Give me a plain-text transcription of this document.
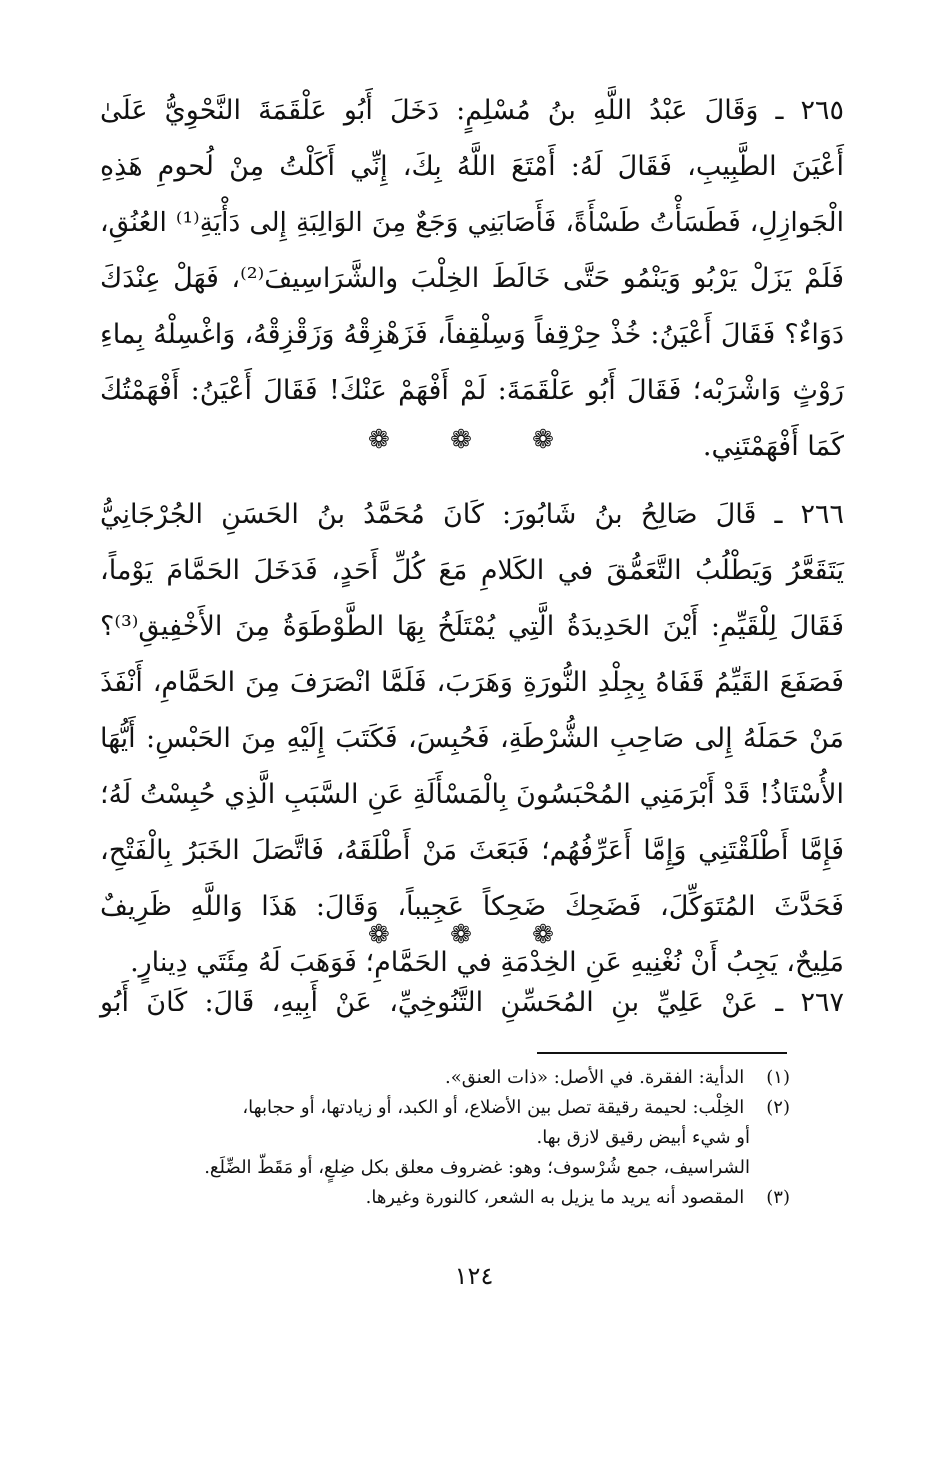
٢٦٥ ـ وَقَالَ عَبْدُ اللَّهِ بنُ مُسْلِمٍ: دَخَلَ أَبُو عَلْقَمَةَ النَّحْوِيُّ عَلَىٰ
أَعْيَنَ الطَّبِيبِ، فَقَالَ لَهُ: أَمْتَعَ اللَّهُ بِكَ، إِنِّي أَكَلْتُ مِنْ لُحومِ هَذِهِ
الْجَوازِلِ، فَطَسَأْتُ طَسْأَةً، فَأَصَابَنِي وَجَعٌ مِنَ الوَالِبَةِ إِلى دَأْيَةِ⁽¹⁾ العُنُقِ،
فَلَمْ يَزَلْ يَرْبُو وَيَنْمُو حَتَّى خَالَطَ الخِلْبَ والشَّرَاسِيفَ⁽²⁾، فَهَلْ عِنْدَكَ
دَوَاءٌ؟ فَقَالَ أَعْيَنُ: خُذْ حِرْقِفاً وَسِلْقِفاً، فَزَهْزِقْهُ وَزَقْزِقْهُ، وَاغْسِلْهُ بِماءِ
رَوْثٍ وَاشْرَبْه؛ فَقَالَ أَبُو عَلْقَمَةَ: لَمْ أَفْهَمْ عَنْكَ! فَقَالَ أَعْيَنُ: أَفْهَمْتُكَ
كَمَا أَفْهَمْتَنِي.
❁ ❁ ❁
٢٦٦ ـ قَالَ صَالِحُ بنُ شَابُورَ: كَانَ مُحَمَّدُ بنُ الحَسَنِ الجُرْجَانِيُّ
يَتَقَعَّرُ وَيَطْلُبُ التَّعَمُّقَ في الكَلامِ مَعَ كُلِّ أَحَدٍ، فَدَخَلَ الحَمَّامَ يَوْماً،
فَقَالَ لِلْقَيِّمِ: أَيْنَ الحَدِيدَةُ الَّتِي يُمْتَلَخُ بِهَا الطَّوْطَوَةُ مِنَ الأَخْفِيقِ⁽³⁾؟
فَصَفَعَ القَيِّمُ قَفَاهُ بِجِلْدِ النُّورَةِ وَهَرَبَ، فَلَمَّا انْصَرَفَ مِنَ الحَمَّامِ، أَنْفَذَ
مَنْ حَمَلَهُ إِلى صَاحِبِ الشُّرْطَةِ، فَحُبِسَ، فَكَتَبَ إِلَيْهِ مِنَ الحَبْسِ: أَيُّهَا
الأُسْتَاذُ! قَدْ أَبْرَمَنِي المُحْبَسُونَ بِالْمَسْأَلَةِ عَنِ السَّبَبِ الَّذِي حُبِسْتُ لَهُ؛
فَإِمَّا أَطْلَقْتَنِي وَإِمَّا أَعَرِّفُهُم؛ فَبَعَثَ مَنْ أَطْلَقَهُ، فَاتَّصَلَ الخَبَرُ بِالْفَتْحِ،
فَحَدَّثَ المُتَوَكِّلَ، فَضَحِكَ ضَحِكاً عَجِيباً، وَقَالَ: هَذَا وَاللَّهِ ظَرِيفٌ
مَلِيحٌ، يَجِبُ أَنْ نُغْنِيهِ عَنِ الخِدْمَةِ في الحَمَّامِ؛ فَوَهَبَ لَهُ مِئَتَي دِينارٍ.
❁ ❁ ❁
٢٦٧ ـ عَنْ عَلِيِّ بنِ المُحَسِّنِ التَّنُوخِيِّ، عَنْ أَبِيهِ، قَالَ: كَانَ أَبُو
(١) الدأية: الفقرة. في الأصل: «ذات العنق».
(٢) الخِلْب: لحيمة رقيقة تصل بين الأضلاع، أو الكبد، أو زيادتها، أو حجابها،
أو شيء أبيض رقيق لازق بها.
الشراسيف، جمع شُرْسوف؛ وهو: غضروف معلق بكل ضِلعٍ، أو مَقَطّ الضِّلَع.
(٣) المقصود أنه يريد ما يزيل به الشعر، كالنورة وغيرها.
١٢٤
